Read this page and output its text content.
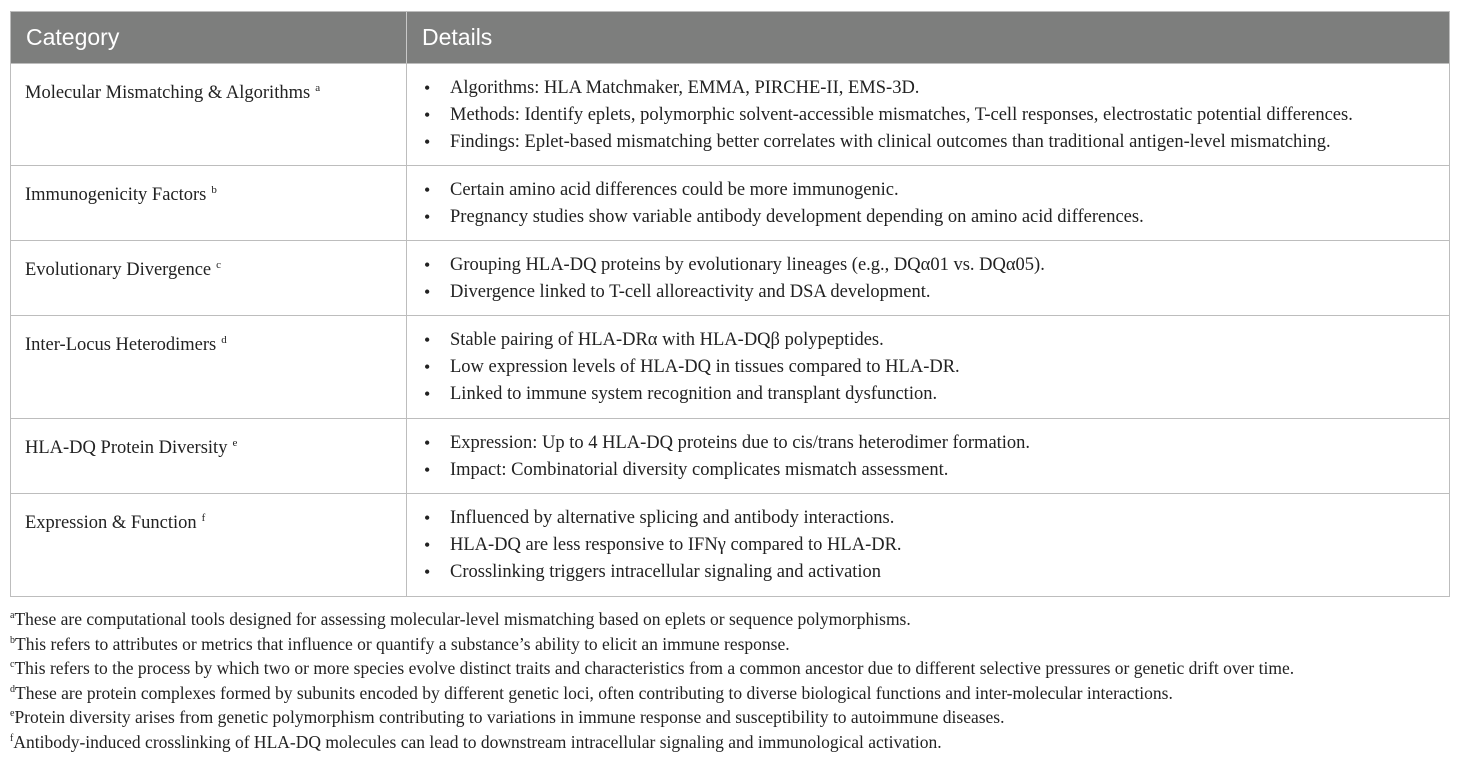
Category	Details
Molecular Mismatching & Algorithms $^a$	• Algorithms: HLA Matchmaker, EMMA, PIRCHE-II, EMS-3D.
• Methods: Identify eplets, polymorphic solvent-accessible mismatches, T-cell responses, electrostatic potential differences.
• Findings: Eplet-based mismatching better correlates with clinical outcomes than traditional antigen-level mismatching.
Immunogenicity Factors $^b$	• Certain amino acid differences could be more immunogenic.
• Pregnancy studies show variable antibody development depending on amino acid differences.
Evolutionary Divergence $^c$	• Grouping HLA-DQ proteins by evolutionary lineages (e.g., DQα01 vs. DQα05).
• Divergence linked to T-cell alloreactivity and DSA development.
Inter-Locus Heterodimers $^d$	• Stable pairing of HLA-DRα with HLA-DQβ polypeptides.
• Low expression levels of HLA-DQ in tissues compared to HLA-DR.
• Linked to immune system recognition and transplant dysfunction.
HLA-DQ Protein Diversity $^e$	• Expression: Up to 4 HLA-DQ proteins due to cis/trans heterodimer formation.
• Impact: Combinatorial diversity complicates mismatch assessment.
Expression & Function $^f$	• Influenced by alternative splicing and antibody interactions.
• HLA-DQ are less responsive to IFNγ compared to HLA-DR.
• Crosslinking triggers intracellular signaling and activation
$^a$These are computational tools designed for assessing molecular-level mismatching based on eplets or sequence polymorphisms.
$^b$This refers to attributes or metrics that influence or quantify a substance’s ability to elicit an immune response.
$^c$This refers to the process by which two or more species evolve distinct traits and characteristics from a common ancestor due to different selective pressures or genetic drift over time.
$^d$These are protein complexes formed by subunits encoded by different genetic loci, often contributing to diverse biological functions and inter-molecular interactions.
$^e$Protein diversity arises from genetic polymorphism contributing to variations in immune response and susceptibility to autoimmune diseases.
$^f$Antibody-induced crosslinking of HLA-DQ molecules can lead to downstream intracellular signaling and immunological activation.
